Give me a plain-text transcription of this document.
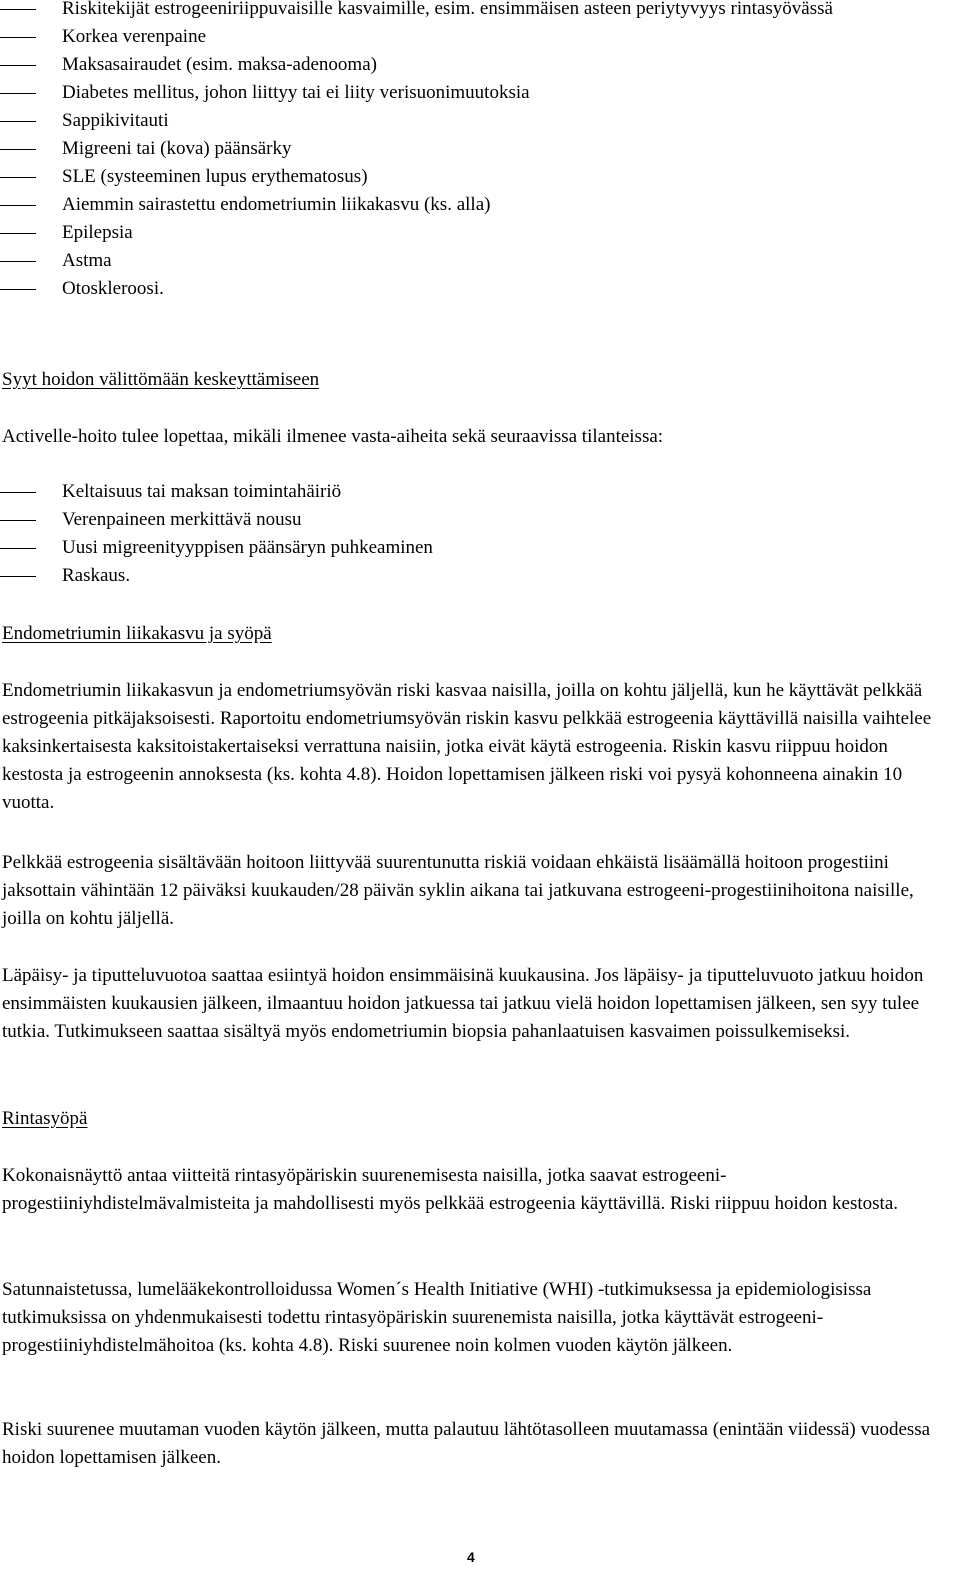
Riskitekijät estrogeeniriippuvaisille kasvaimille, esim. ensimmäisen asteen periytyvyys rintasyövässä
Korkea verenpaine
Maksasairaudet (esim. maksa-adenooma)
Diabetes mellitus, johon liittyy tai ei liity verisuonimuutoksia
Sappikivitauti
Migreeni tai (kova) päänsärky
SLE (systeeminen lupus erythematosus)
Aiemmin sairastettu endometriumin liikakasvu (ks. alla)
Epilepsia
Astma
Otoskleroosi.
Syyt hoidon välittömään keskeyttämiseen

Activelle-hoito tulee lopettaa, mikäli ilmenee vasta-aiheita sekä seuraavissa tilanteissa:

Keltaisuus tai maksan toimintahäiriö
Verenpaineen merkittävä nousu
Uusi migreenityyppisen päänsäryn puhkeaminen
Raskaus.
Endometriumin liikakasvu ja syöpä

Endometriumin liikakasvun ja endometriumsyövän riski kasvaa naisilla, joilla on kohtu jäljellä, kun he käyttävät pelkkää estrogeenia pitkäjaksoisesti. Raportoitu endometriumsyövän riskin kasvu pelkkää estrogeenia käyttävillä naisilla vaihtelee kaksinkertaisesta kaksitoistakertaiseksi verrattuna naisiin, jotka eivät käytä estrogeenia. Riskin kasvu riippuu hoidon kestosta ja estrogeenin annoksesta (ks. kohta 4.8). Hoidon lopettamisen jälkeen riski voi pysyä kohonneena ainakin 10 vuotta.

Pelkkää estrogeenia sisältävään hoitoon liittyvää suurentunutta riskiä voidaan ehkäistä lisäämällä hoitoon progestiini jaksottain vähintään 12 päiväksi kuukauden/28 päivän syklin aikana tai jatkuvana estrogeeni-progestiinihoitona naisille, joilla on kohtu jäljellä.

Läpäisy- ja tiputteluvuotoa saattaa esiintyä hoidon ensimmäisinä kuukausina. Jos läpäisy- ja tiputteluvuoto jatkuu hoidon ensimmäisten kuukausien jälkeen, ilmaantuu hoidon jatkuessa tai jatkuu vielä hoidon lopettamisen jälkeen, sen syy tulee tutkia. Tutkimukseen saattaa sisältyä myös endometriumin biopsia pahanlaatuisen kasvaimen poissulkemiseksi.

Rintasyöpä

Kokonaisnäyttö antaa viitteitä rintasyöpäriskin suurenemisesta naisilla, jotka saavat estrogeeni-progestiiniyhdistelmävalmisteita ja mahdollisesti myös pelkkää estrogeenia käyttävillä. Riski riippuu hoidon kestosta.

Satunnaistetussa, lumelääkekontrolloidussa Women´s Health Initiative (WHI) -tutkimuksessa ja epidemiologisissa tutkimuksissa on yhdenmukaisesti todettu rintasyöpäriskin suurenemista naisilla, jotka käyttävät estrogeeni-progestiiniyhdistelmähoitoa (ks. kohta 4.8). Riski suurenee noin kolmen vuoden käytön jälkeen.

Riski suurenee muutaman vuoden käytön jälkeen, mutta palautuu lähtötasolleen muutamassa (enintään viidessä) vuodessa hoidon lopettamisen jälkeen.

4
